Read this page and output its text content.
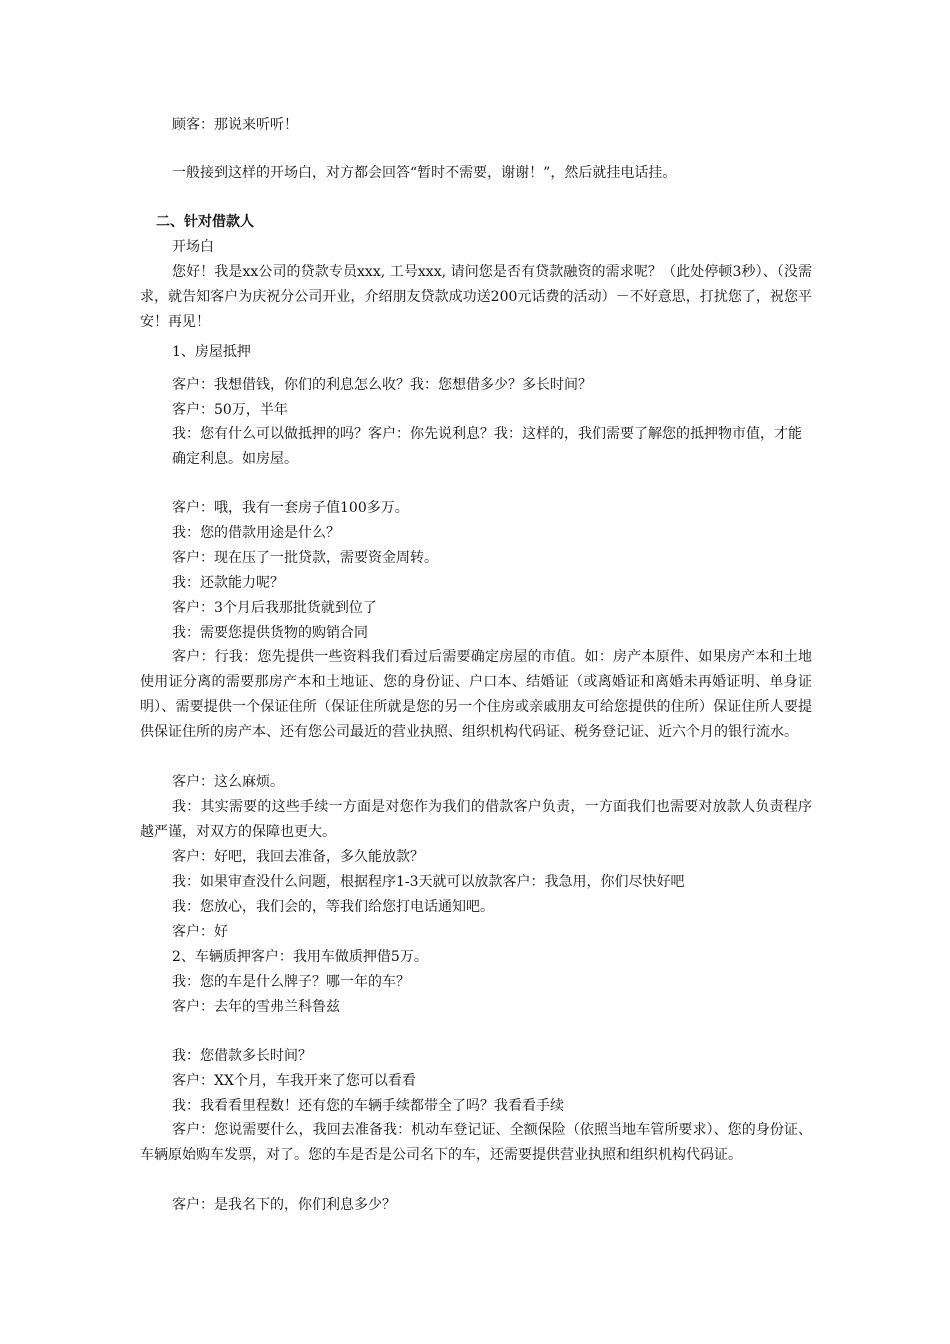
顾客：那说来听听！
一般接到这样的开场白，对方都会回答“暂时不需要，谢谢！”，然后就挂电话挂。
二、针对借款人
开场白

您好！我是xx公司的贷款专员xxx, 工号xxx, 请问您是否有贷款融资的需求呢？（此处停顿3秒）、（没需求，就告知客户为庆祝分公司开业，介绍朋友贷款成功送200元话费的活动）－不好意思，打扰您了，祝您平安！再见！

1、房屋抵押
客户：我想借钱，你们的利息怎么收？我：您想借多少？多长时间？
客户：50万，半年

我：您有什么可以做抵押的吗？客户：你先说利息？我：这样的，我们需要了解您的抵押物市值，才能确定利息。如房屋。

客户：哦，我有一套房子值100多万。
我：您的借款用途是什么？
客户：现在压了一批贷款，需要资金周转。
我：还款能力呢？
客户：3个月后我那批货就到位了
我：需要您提供货物的购销合同

客户：行我：您先提供一些资料我们看过后需要确定房屋的市值。如：房产本原件、如果房产本和土地使用证分离的需要那房产本和土地证、您的身份证、户口本、结婚证（或离婚证和离婚未再婚证明、单身证明）、需要提供一个保证住所（保证住所就是您的另一个住房或亲戚朋友可给您提供的住所）保证住所人要提供保证住所的房产本、还有您公司最近的营业执照、组织机构代码证、税务登记证、近六个月的银行流水。

客户：这么麻烦。

我：其实需要的这些手续一方面是对您作为我们的借款客户负责，一方面我们也需要对放款人负责程序越严谨，对双方的保障也更大。

客户：好吧，我回去准备，多久能放款？
我：如果审查没什么问题，根据程序1-3天就可以放款客户：我急用，你们尽快好吧
我：您放心，我们会的，等我们给您打电话通知吧。
客户：好
2、车辆质押客户：我用车做质押借5万。
我：您的车是什么牌子？哪一年的车？
客户：去年的雪弗兰科鲁兹
我：您借款多长时间？
客户：XX个月，车我开来了您可以看看
我：我看看里程数！还有您的车辆手续都带全了吗？我看看手续

客户：您说需要什么，我回去准备我：机动车登记证、全额保险（依照当地车管所要求）、您的身份证、车辆原始购车发票，对了。您的车是否是公司名下的车，还需要提供营业执照和组织机构代码证。

客户：是我名下的，你们利息多少？
